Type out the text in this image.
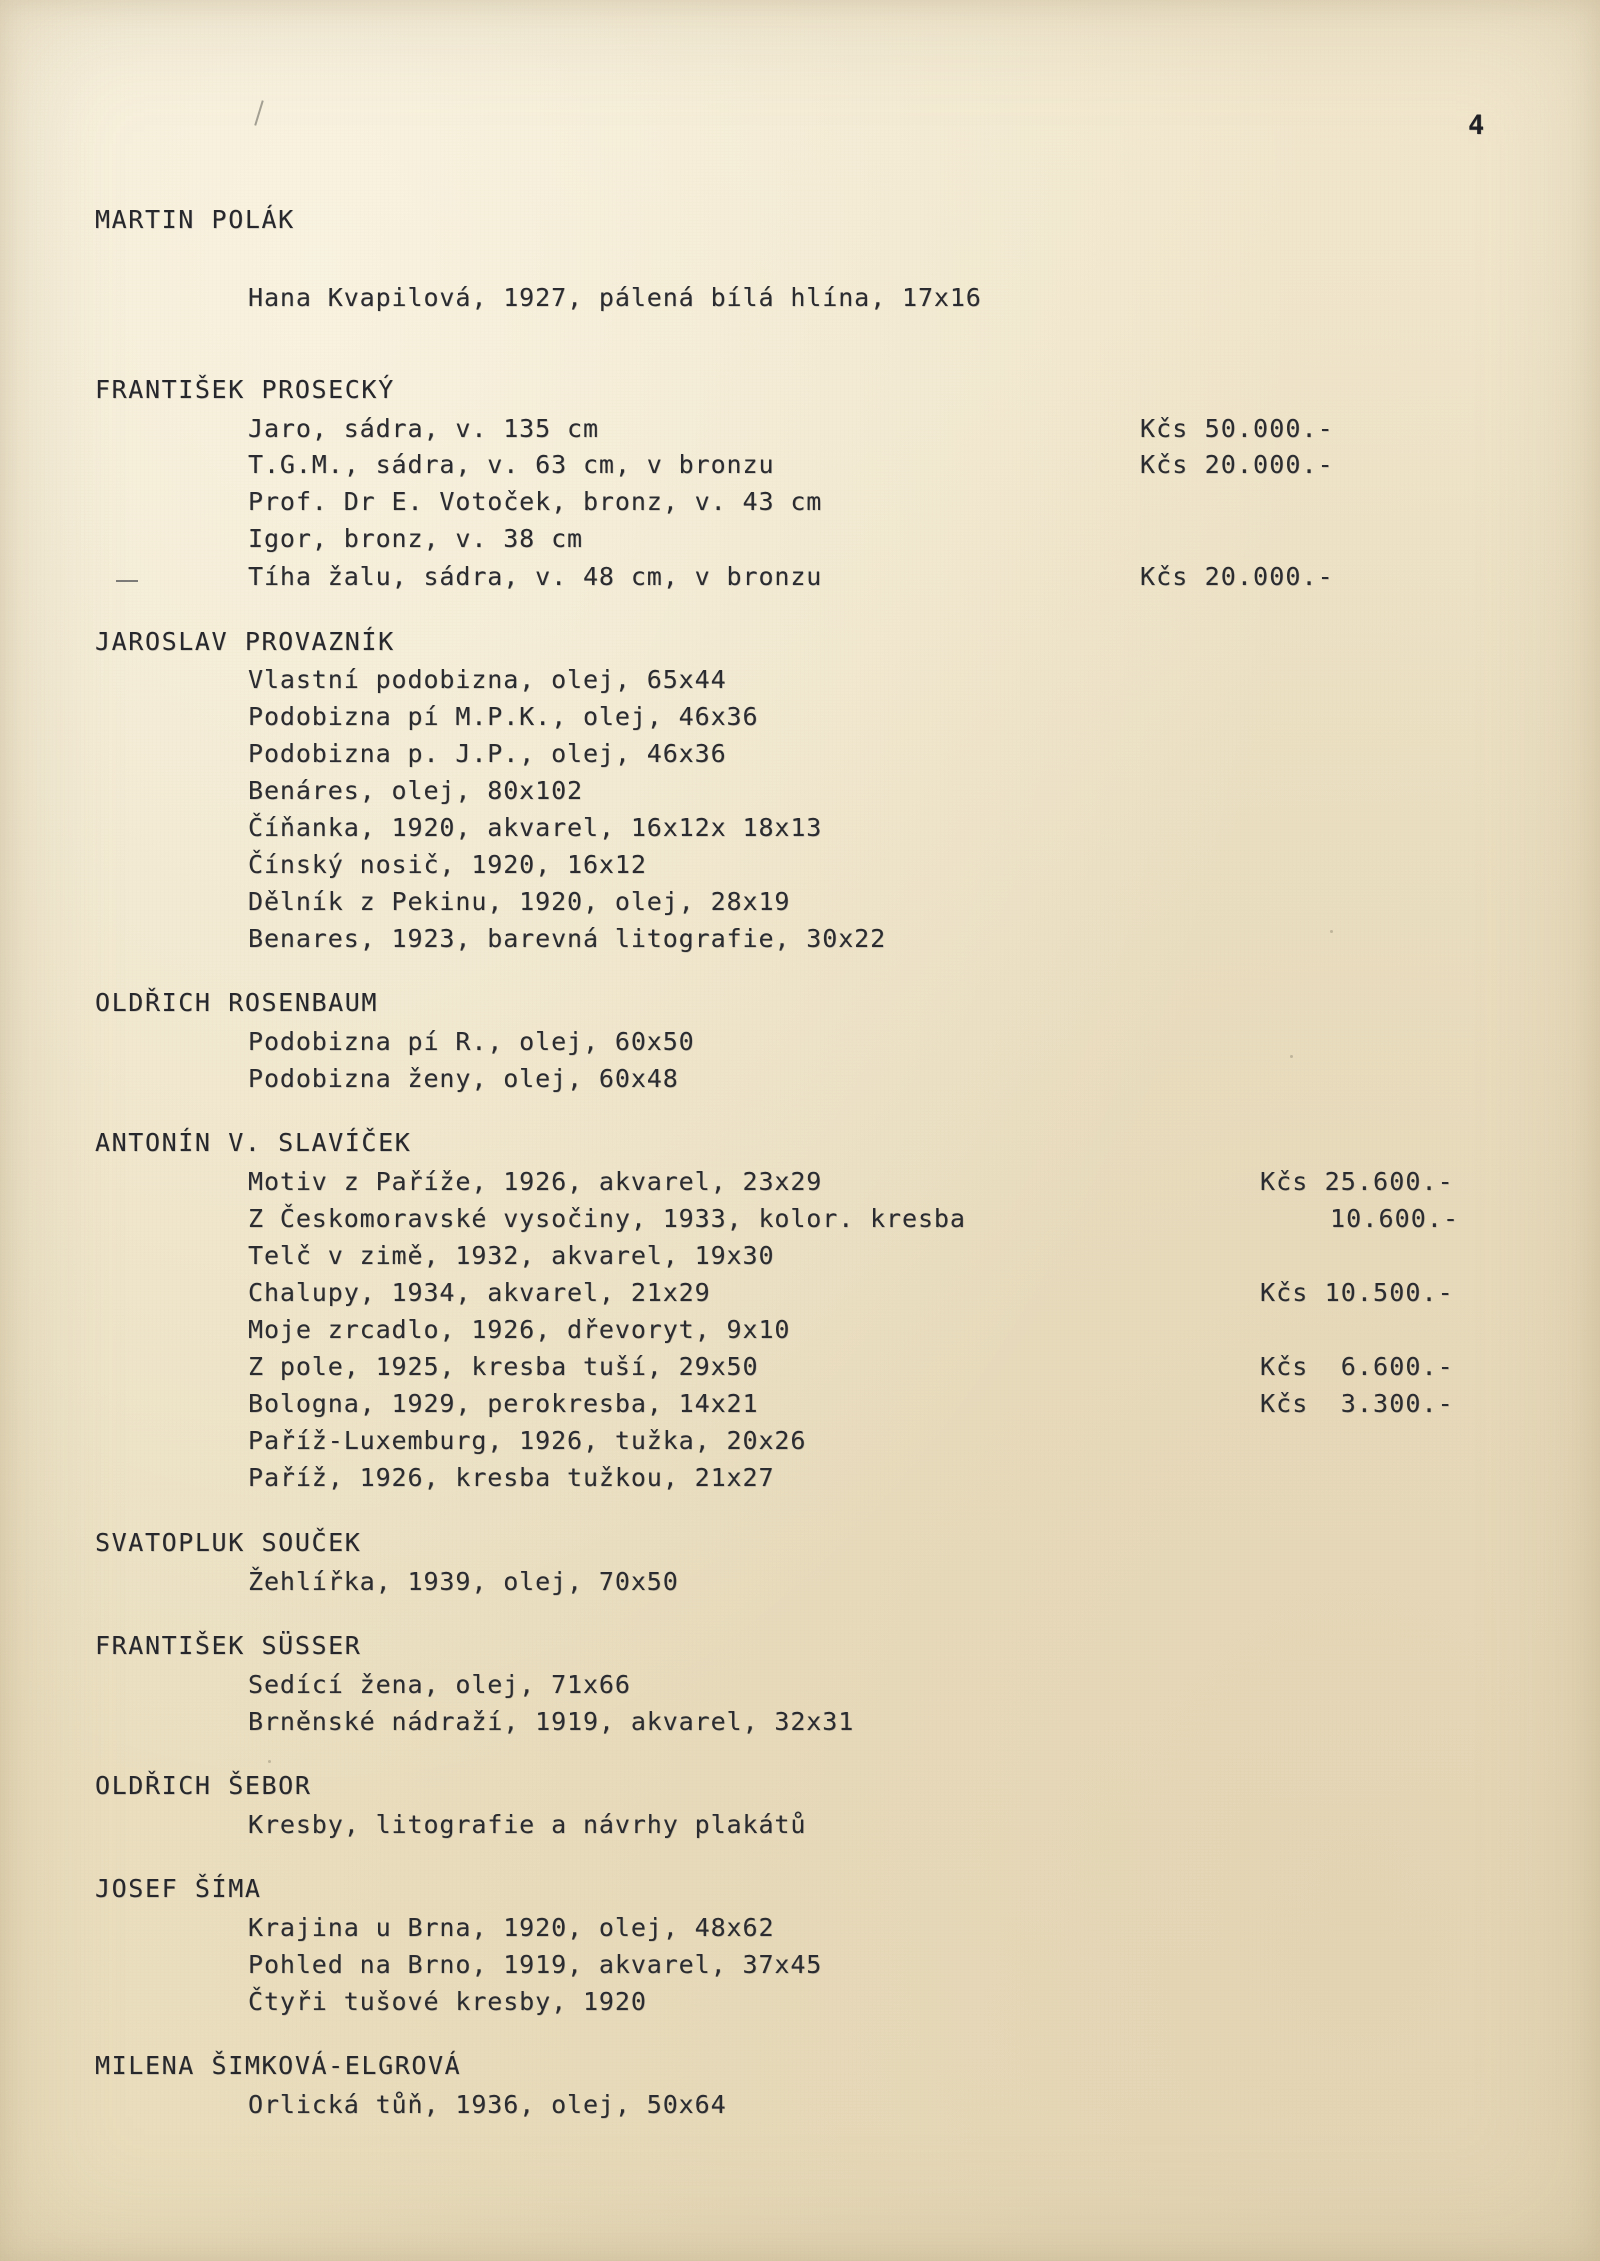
4
MARTIN POLÁK
Hana Kvapilová, 1927, pálená bílá hlína, 17x16
FRANTIŠEK PROSECKÝ
Jaro, sádra, v. 135 cm	Kčs 50.000.-
T.G.M., sádra, v. 63 cm, v bronzu	Kčs 20.000.-
Prof. Dr E. Votoček, bronz, v. 43 cm
Igor, bronz, v. 38 cm
Tíha žalu, sádra, v. 48 cm, v bronzu	Kčs 20.000.-
JAROSLAV PROVAZNÍK
Vlastní podobizna, olej, 65x44
Podobizna pí M.P.K., olej, 46x36
Podobizna p. J.P., olej, 46x36
Benáres, olej, 80x102
Číňanka, 1920, akvarel, 16x12x 18x13
Čínský nosič, 1920, 16x12
Dělník z Pekinu, 1920, olej, 28x19
Benares, 1923, barevná litografie, 30x22
OLDŘICH ROSENBAUM
Podobizna pí R., olej, 60x50
Podobizna ženy, olej, 60x48
ANTONÍN V. SLAVÍČEK
Motiv z Paříže, 1926, akvarel, 23x29	Kčs 25.600.-
Z Českomoravské vysočiny, 1933, kolor. kresba	10.600.-
Telč v zimě, 1932, akvarel, 19x30
Chalupy, 1934, akvarel, 21x29	Kčs 10.500.-
Moje zrcadlo, 1926, dřevoryt, 9x10
Z pole, 1925, kresba tuší, 29x50	Kčs  6.600.-
Bologna, 1929, perokresba, 14x21	Kčs  3.300.-
Paříž-Luxemburg, 1926, tužka, 20x26
Paříž, 1926, kresba tužkou, 21x27
SVATOPLUK SOUČEK
Žehlířka, 1939, olej, 70x50
FRANTIŠEK SÜSSER
Sedící žena, olej, 71x66
Brněnské nádraží, 1919, akvarel, 32x31
OLDŘICH ŠEBOR
Kresby, litografie a návrhy plakátů
JOSEF ŠÍMA
Krajina u Brna, 1920, olej, 48x62
Pohled na Brno, 1919, akvarel, 37x45
Čtyři tušové kresby, 1920
MILENA ŠIMKOVÁ-ELGROVÁ
Orlická tůň, 1936, olej, 50x64
